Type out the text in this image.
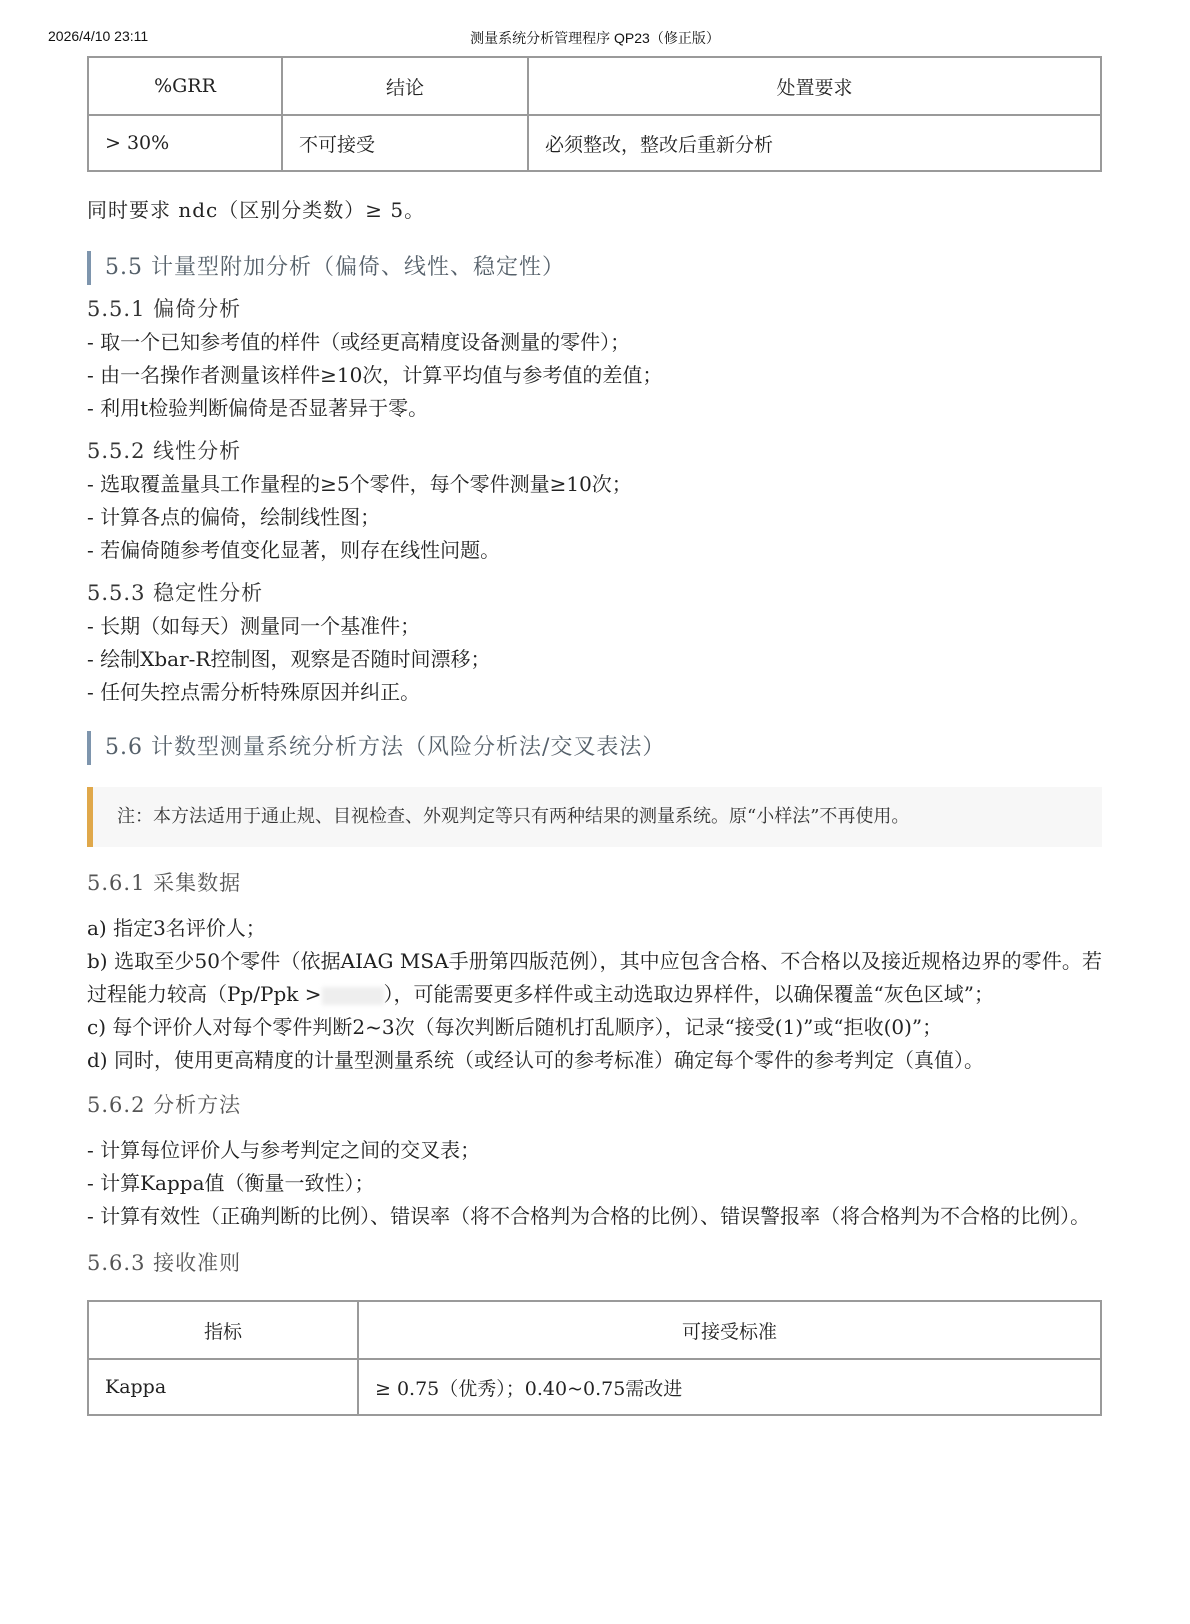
2026/4/10 23:11	测量系统分析管理程序 QP23（修正版）
%GRR	结论	处置要求
> 30%	不可接受	必须整改，整改后重新分析

同时要求 ndc（区别分类数）≥ 5。

5.5 计量型附加分析（偏倚、线性、稳定性）
5.5.1 偏倚分析

- 取一个已知参考值的样件（或经更高精度设备测量的零件）；

- 由一名操作者测量该样件≥10次，计算平均值与参考值的差值；

- 利用t检验判断偏倚是否显著异于零。

5.5.2 线性分析

- 选取覆盖量具工作量程的≥5个零件，每个零件测量≥10次；

- 计算各点的偏倚，绘制线性图；

- 若偏倚随参考值变化显著，则存在线性问题。

5.5.3 稳定性分析

- 长期（如每天）测量同一个基准件；

- 绘制Xbar-R控制图，观察是否随时间漂移；

- 任何失控点需分析特殊原因并纠正。

5.6 计数型测量系统分析方法（风险分析法/交叉表法）
注：本方法适用于通止规、目视检查、外观判定等只有两种结果的测量系统。原“小样法”不再使用。
5.6.1 采集数据

a) 指定3名评价人；

b) 选取至少50个零件（依据AIAG MSA手册第四版范例），其中应包含合格、不合格以及接近规格边界的零件。若过程能力较高（Pp/Ppk >	），可能需要更多样件或主动选取边界样件，以确保覆盖“灰色区域”；

c) 每个评价人对每个零件判断2~3次（每次判断后随机打乱顺序），记录“接受(1)”或“拒收(0)”；

d) 同时，使用更高精度的计量型测量系统（或经认可的参考标准）确定每个零件的参考判定（真值）。

5.6.2 分析方法

- 计算每位评价人与参考判定之间的交叉表；

- 计算Kappa值（衡量一致性）；

- 计算有效性（正确判断的比例）、错误率（将不合格判为合格的比例）、错误警报率（将合格判为不合格的比例）。

5.6.3 接收准则
指标	可接受标准
Kappa	≥ 0.75（优秀）；0.40~0.75需改进
